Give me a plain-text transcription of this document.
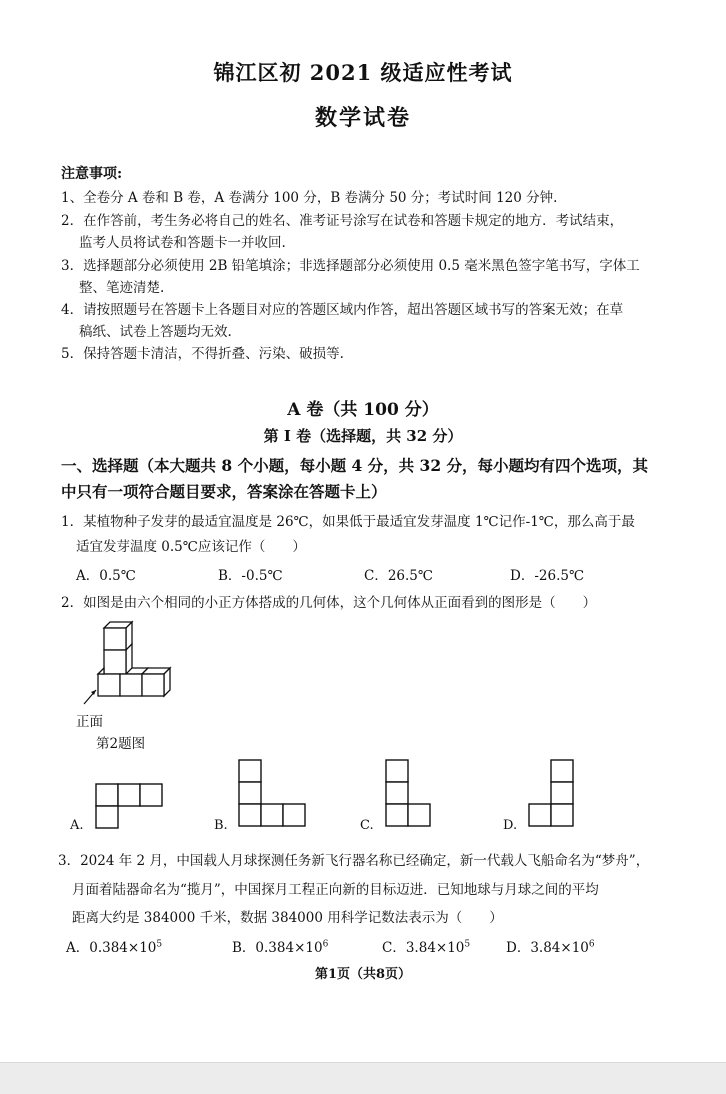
锦江区初 2021 级适应性考试
数学试卷
注意事项:
1、全卷分 A 卷和 B 卷，A 卷满分 100 分，B 卷满分 50 分；考试时间 120 分钟.
2．在作答前，考生务必将自己的姓名、准考证号涂写在试卷和答题卡规定的地方．考试结束，
监考人员将试卷和答题卡一并收回.
3．选择题部分必须使用 2B 铅笔填涂；非选择题部分必须使用 0.5 毫米黑色签字笔书写，字体工
整、笔迹清楚.
4．请按照题号在答题卡上各题目对应的答题区域内作答，超出答题区域书写的答案无效；在草
稿纸、试卷上答题均无效.
5．保持答题卡清洁，不得折叠、污染、破损等.
A 卷（共 100 分）
第 I 卷（选择题，共 32 分）
一、选择题（本大题共 8 个小题，每小题 4 分，共 32 分，每小题均有四个选项，其
中只有一项符合题目要求，答案涂在答题卡上）
1．某植物种子发芽的最适宜温度是 26℃，如果低于最适宜发芽温度 1℃记作-1℃，那么高于最
适宜发芽温度 0.5℃应该记作（　　）
A．0.5℃	B．-0.5℃	C．26.5℃	D．-26.5℃
2．如图是由六个相同的小正方体搭成的几何体，这个几何体从正面看到的图形是（　　）
正面
第2题图
A.	B.	C.	D.
3．2024 年 2 月，中国载人月球探测任务新飞行器名称已经确定，新一代载人飞船命名为“梦舟”，
月面着陆器命名为“揽月”，中国探月工程正向新的目标迈进．已知地球与月球之间的平均
距离大约是 384000 千米，数据 384000 用科学记数法表示为（　　）
A．$0.384\times 10^5$	B．$0.384\times 10^6$	C．$3.84\times 10^5$	D．$3.84\times 10^6$
第1页（共8页）
